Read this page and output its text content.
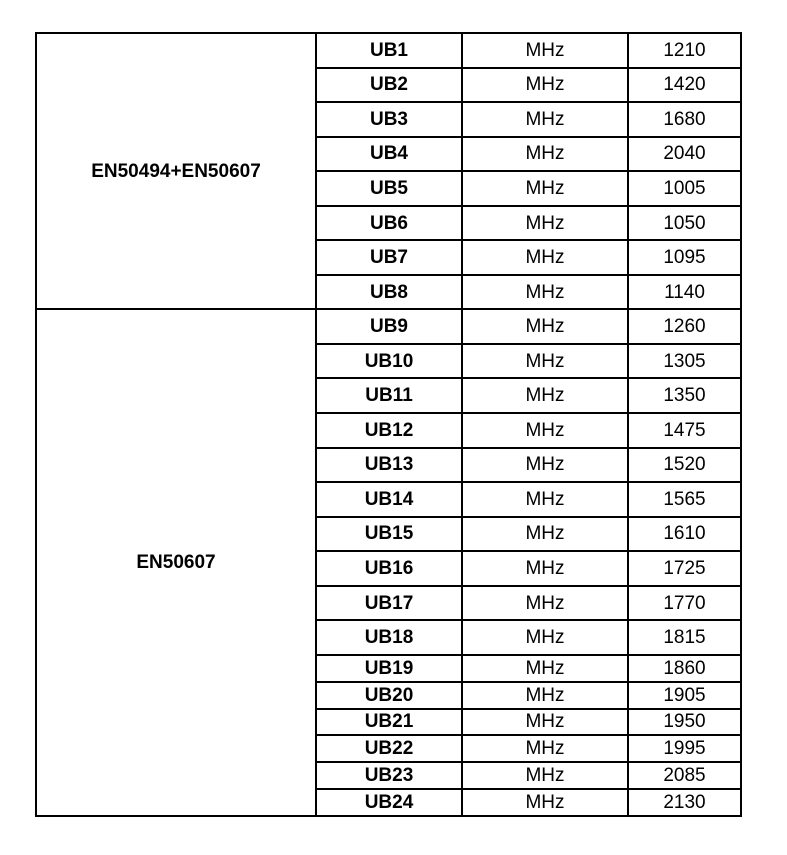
EN50494+EN50607	UB1	MHz	1210
	UB2	MHz	1420
	UB3	MHz	1680
	UB4	MHz	2040
	UB5	MHz	1005
	UB6	MHz	1050
	UB7	MHz	1095
	UB8	MHz	1140
EN50607	UB9	MHz	1260
	UB10	MHz	1305
	UB11	MHz	1350
	UB12	MHz	1475
	UB13	MHz	1520
	UB14	MHz	1565
	UB15	MHz	1610
	UB16	MHz	1725
	UB17	MHz	1770
	UB18	MHz	1815
	UB19	MHz	1860
	UB20	MHz	1905
	UB21	MHz	1950
	UB22	MHz	1995
	UB23	MHz	2085
	UB24	MHz	2130
